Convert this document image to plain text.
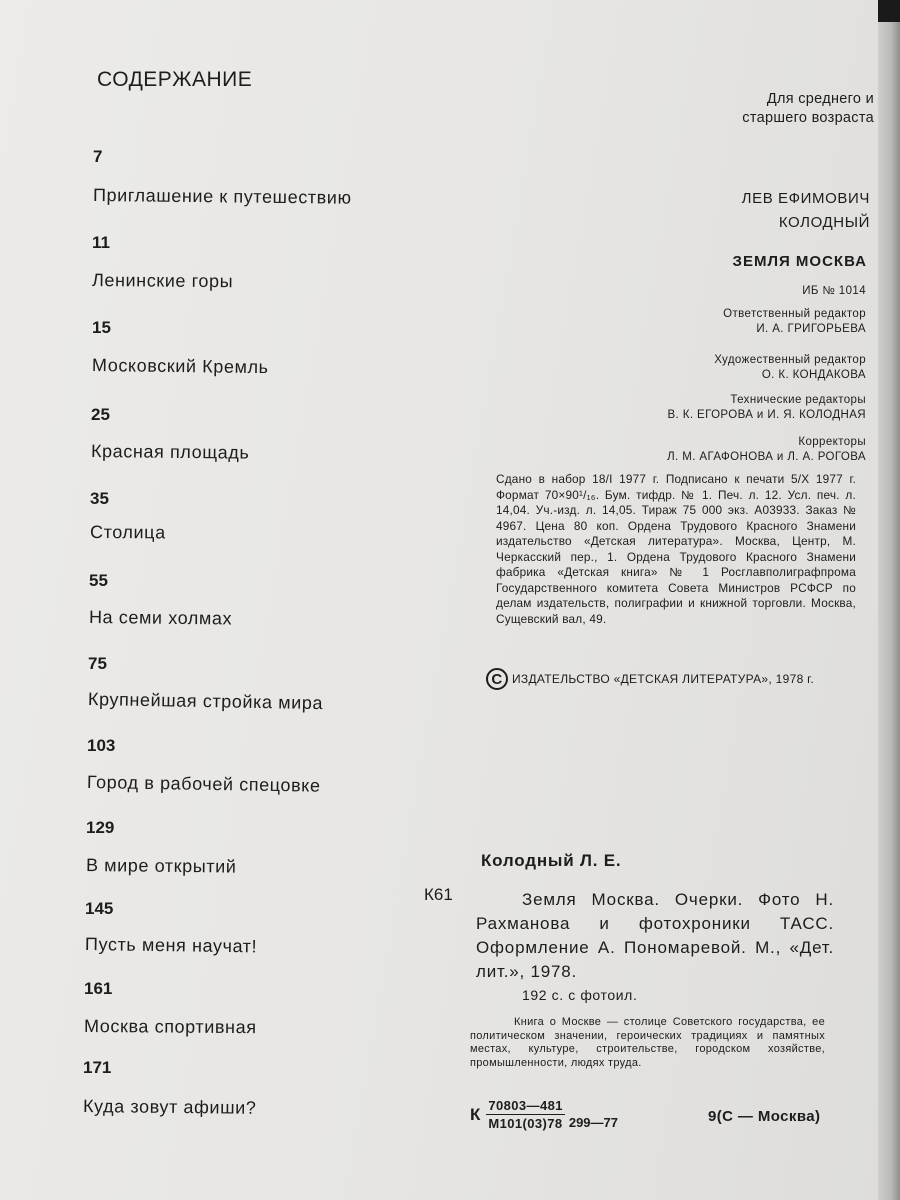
СОДЕРЖАНИЕ
7
Приглашение к путешествию
11
Ленинские горы
15
Московский Кремль
25
Красная площадь
35
Столица
55
На семи холмах
75
Крупнейшая стройка мира
103
Город в рабочей спецовке
129
В мире открытий
145
Пусть меня научат!
161
Москва спортивная
171
Куда зовут афиши?
Для среднего и
старшего возраста
ЛЕВ ЕФИМОВИЧ
КОЛОДНЫЙ
ЗЕМЛЯ МОСКВА
ИБ № 1014
Ответственный редактор
И. А. ГРИГОРЬЕВА
Художественный редактор
О. К. КОНДАКОВА
Технические редакторы
В. К. ЕГОРОВА и И. Я. КОЛОДНАЯ
Корректоры
Л. М. АГАФОНОВА и Л. А. РОГОВА
Сдано в набор 18/I 1977 г. Подписано к печати 5/X 1977 г. Формат 70×90¹/₁₆. Бум. тифдр. № 1. Печ. л. 12. Усл. печ. л. 14,04. Уч.-изд. л. 14,05. Тираж 75 000 экз. А03933. Заказ № 4967. Цена 80 коп. Ордена Трудового Красного Знамени издательство «Детская литература». Москва, Центр, М. Черкасский пер., 1. Ордена Трудового Красного Знамени фабрика «Детская книга» № 1 Росглавполиграфпрома Государственного комитета Совета Министров РСФСР по делам издательств, полиграфии и книжной торговли. Москва, Сущевский вал, 49.
C ИЗДАТЕЛЬСТВО «ДЕТСКАЯ ЛИТЕРАТУРА», 1978 г.
Колодный Л. Е.
К61	Земля Москва. Очерки. Фото Н. Рахманова и фотохроники ТАСС. Оформление А. Пономаревой. М., «Дет. лит.», 1978.
192 с. с фотоил.
Книга о Москве — столице Советского государства, ее политическом значении, героических традициях и памятных местах, культуре, строительстве, городском хозяйстве, промышленности, людях труда.
К $\frac{70803—481}{М101(03)78}$ 299—77	9(С — Москва)
